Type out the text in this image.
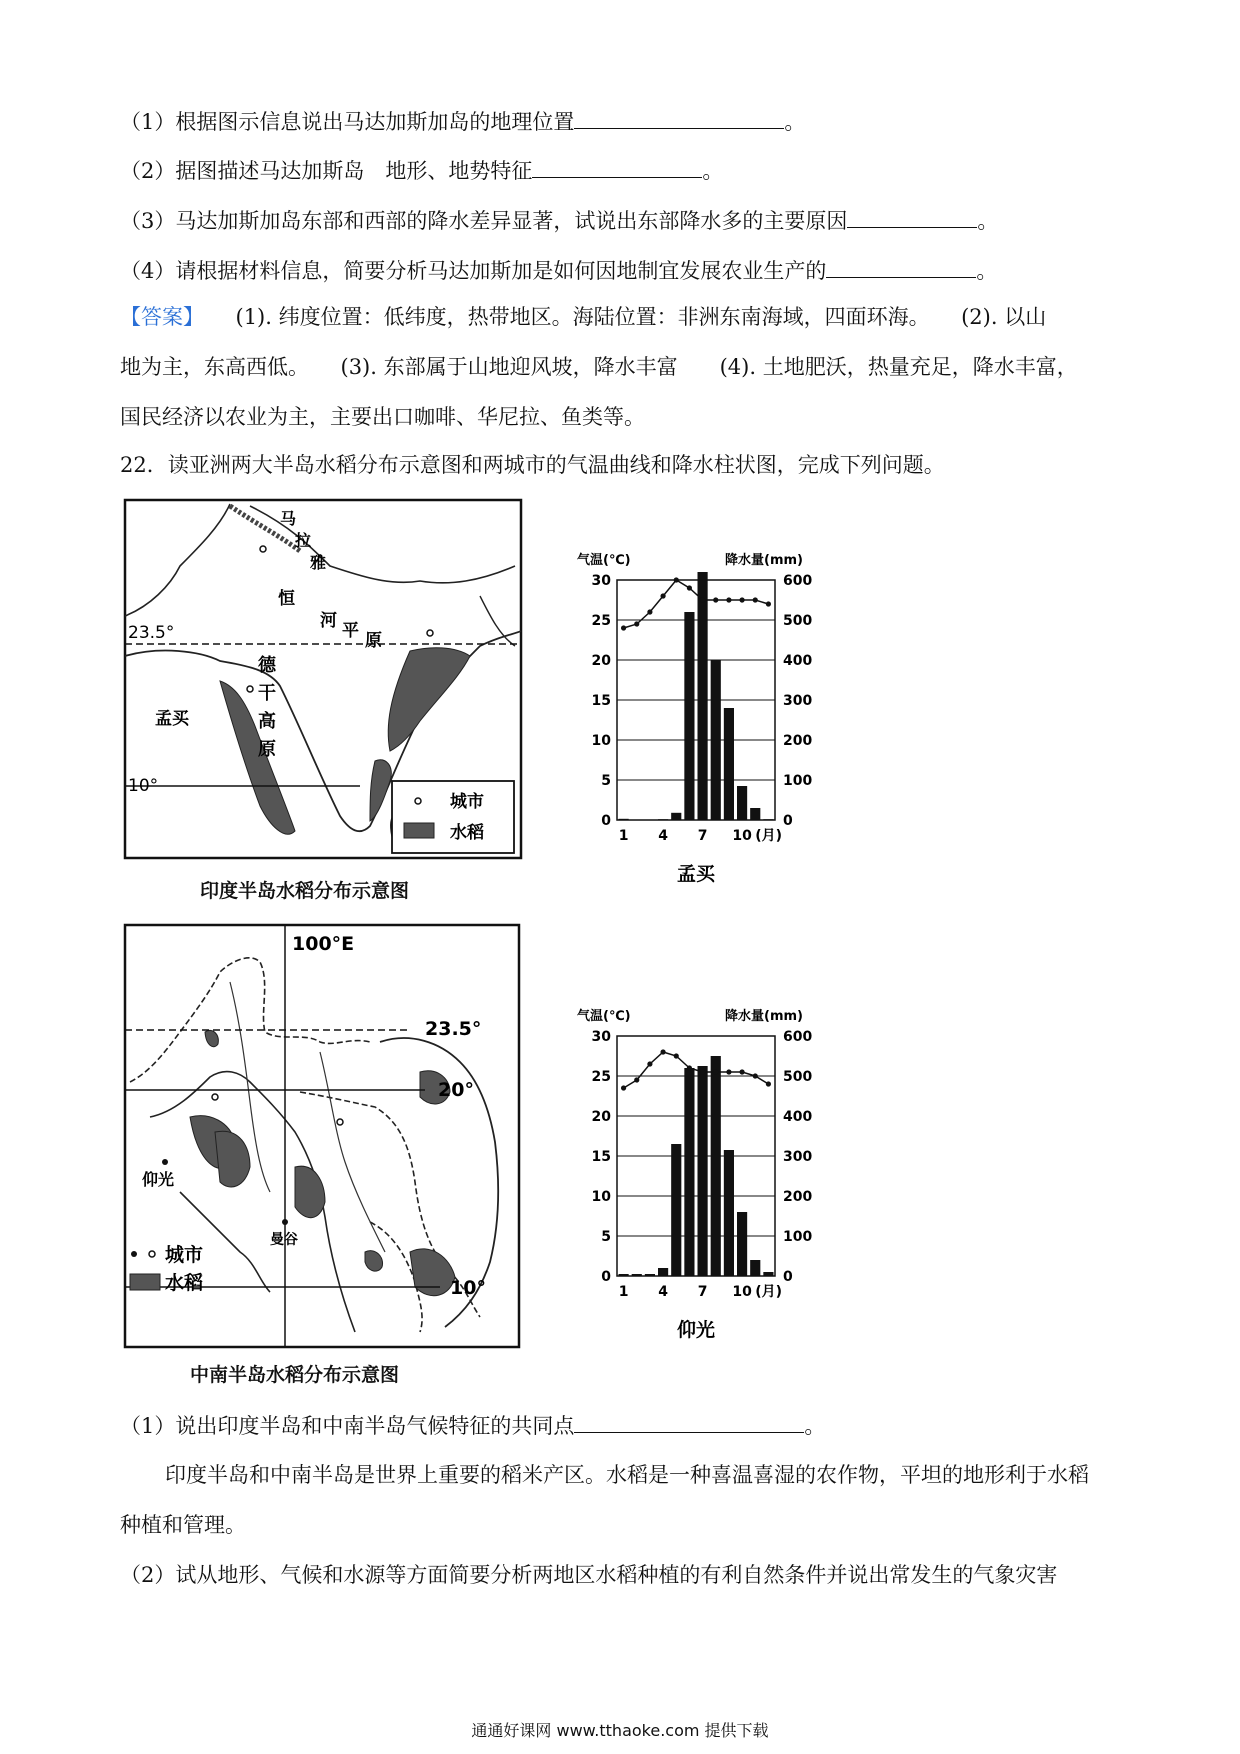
（1）根据图示信息说出马达加斯加岛的地理位置	。
（2）据图描述马达加斯岛　地形、地势特征	。
（3）马达加斯加岛东部和西部的降水差异显著，试说出东部降水多的主要原因	。
（4）请根据材料信息，简要分析马达加斯加是如何因地制宜发展农业生产的	。
【答案】　　(1). 纬度位置：低纬度，热带地区。海陆位置：非洲东南海域，四面环海。　　(2). 以山
地为主，东高西低。　　(3). 东部属于山地迎风坡，降水丰富　　(4). 土地肥沃，热量充足，降水丰富，
国民经济以农业为主，主要出口咖啡、华尼拉、鱼类等。
22．读亚洲两大半岛水稻分布示意图和两城市的气温曲线和降水柱状图，完成下列问题。
23.5°
10°
孟买
马
拉
雅
恒
河 平 原
德
干
高
原
城市
水稻
印度半岛水稻分布示意图
100°E
23.5°
20°
10°
仰光
曼谷
城市
水稻
中南半岛水稻分布示意图
气温(℃)	降水量(mm)
0
5
10
15
20
25
30
0
100
200
300
400
500
600
1 4 7 10 (月)
孟买
气温(℃)	降水量(mm)
0
5
10
15
20
25
30
0
100
200
300
400
500
600
1 4 7 10 (月)
仰光
（1）说出印度半岛和中南半岛气候特征的共同点	。
印度半岛和中南半岛是世界上重要的稻米产区。水稻是一种喜温喜湿的农作物，平坦的地形利于水稻
种植和管理。
（2）试从地形、气候和水源等方面简要分析两地区水稻种植的有利自然条件并说出常发生的气象灾害
通通好课网 www.tthaoke.com 提供下载
